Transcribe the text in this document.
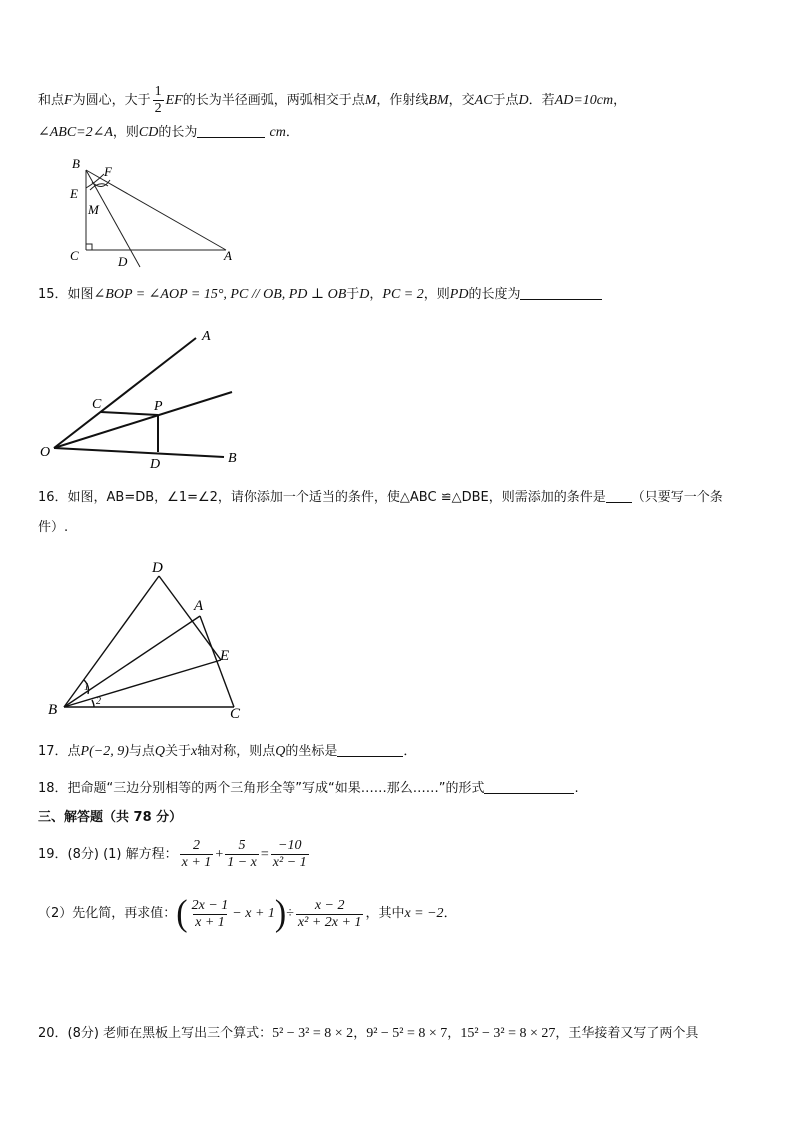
和点F为圆心，大于 $\frac{1}{2}$ EF的长为半径画弧，两弧相交于点M，作射线BM，交AC于点D．若AD=10cm，
∠ABC=2∠A，则CD的长为	cm．
B
F
E
M
C	D	A
15．如图∠BOP = ∠AOP = 15°, PC // OB, PD ⊥ OB于D，PC = 2，则PD的长度为
A
C	P
O
D	B
16．如图，AB=DB，∠1=∠2，请你添加一个适当的条件，使△ABC ≌△DBE，则需添加的条件是 （只要写一个条
件）.
D
A
E
B	C
1
2
17．点P(−2, 9)与点Q关于x轴对称，则点Q的坐标是	．
18．把命题“三边分别相等的两个三角形全等”写成“如果……那么……”的形式	.
三、解答题（共 78 分）
19．(8分) (1) 解方程： $\frac{2}{x + 1} + \frac{5}{1 - x} = \frac{-10}{\text{x² − 1}}$
（2）先化简，再求值： ( $\frac{2x - 1}{x + 1} - x + 1$ ) ÷ $\frac{x - 2}{\text{x² + 2x + 1}}$ ，其中 x = −2 ．
20．(8分) 老师在黑板上写出三个算式：5² − 3² = 8 × 2，9² − 5² = 8 × 7，15² − 3² = 8 × 27，王华接着又写了两个具
